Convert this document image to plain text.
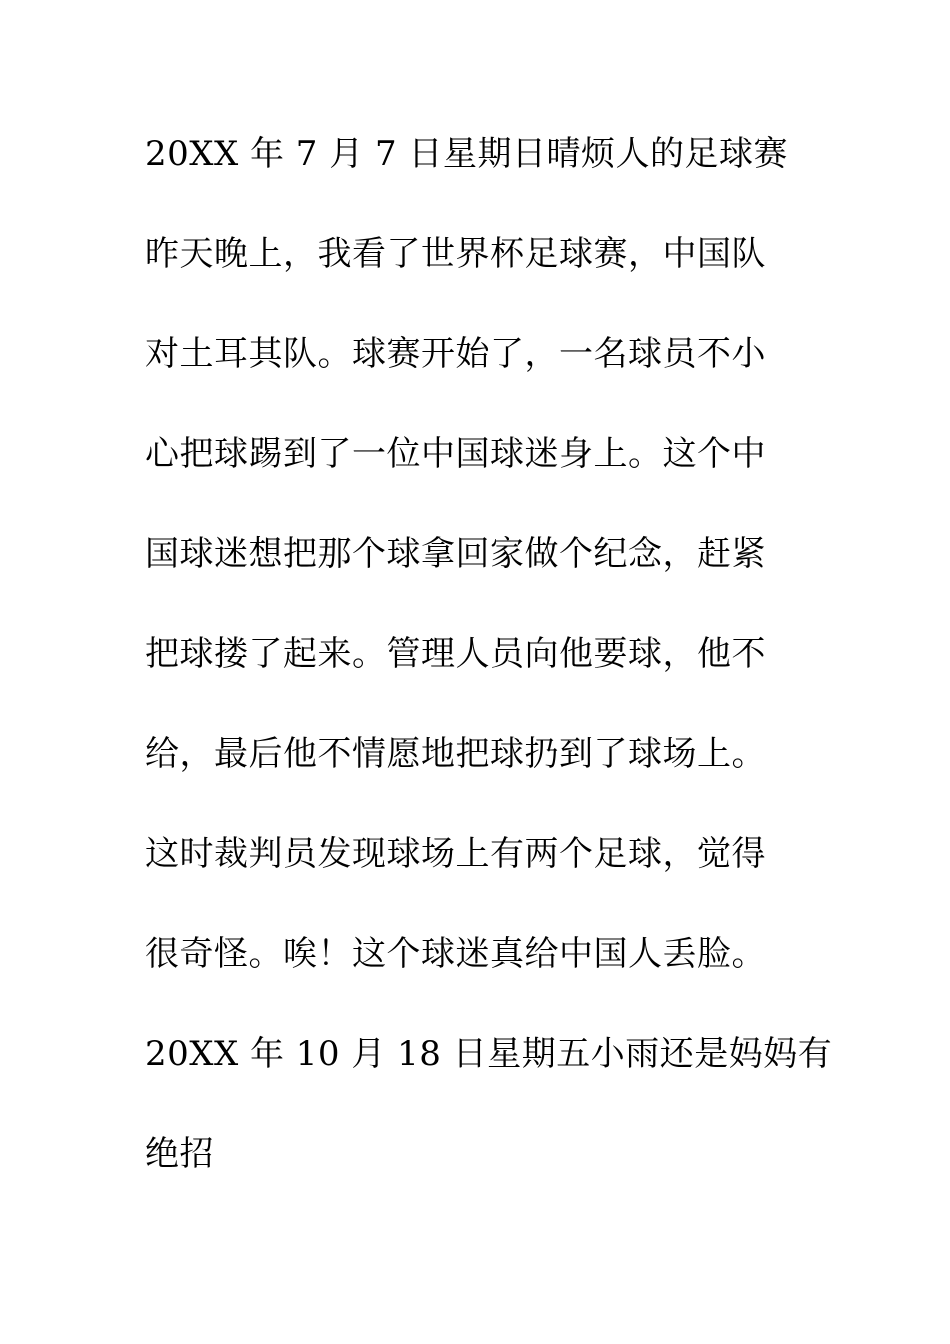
20XX 年 7 月 7 日星期日晴烦人的足球赛
昨天晚上，我看了世界杯足球赛，中国队
对土耳其队。球赛开始了，一名球员不小
心把球踢到了一位中国球迷身上。这个中
国球迷想把那个球拿回家做个纪念，赶紧
把球搂了起来。管理人员向他要球，他不
给，最后他不情愿地把球扔到了球场上。
这时裁判员发现球场上有两个足球，觉得
很奇怪。唉！这个球迷真给中国人丢脸。
20XX 年 10 月 18 日星期五小雨还是妈妈有
绝招
